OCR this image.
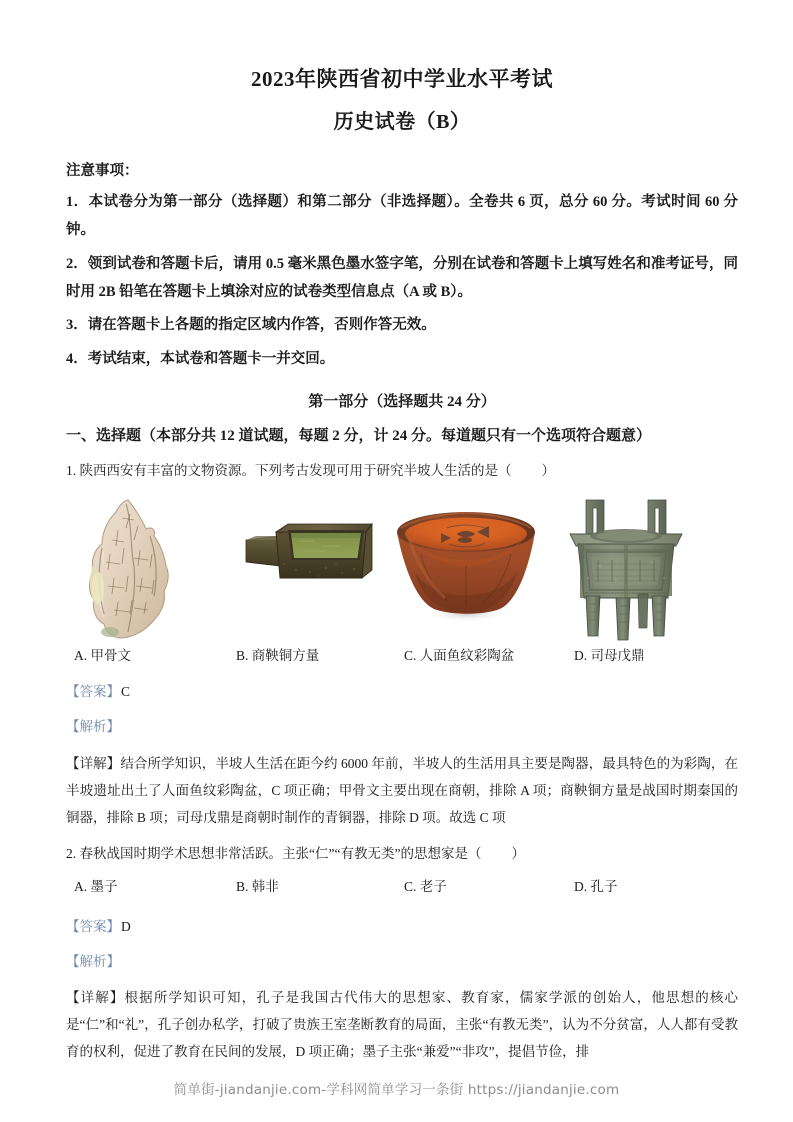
2023年陕西省初中学业水平考试
历史试卷（B）
注意事项：
1．本试卷分为第一部分（选择题）和第二部分（非选择题）。全卷共 6 页，总分 60 分。考试时间 60 分钟。
2．领到试卷和答题卡后，请用 0.5 毫米黑色墨水签字笔，分别在试卷和答题卡上填写姓名和准考证号，同时用 2B 铅笔在答题卡上填涂对应的试卷类型信息点（A 或 B）。
3．请在答题卡上各题的指定区域内作答，否则作答无效。
4．考试结束，本试卷和答题卡一并交回。
第一部分（选择题共 24 分）
一、选择题（本部分共 12 道试题，每题 2 分，计 24 分。每道题只有一个选项符合题意）
1. 陕西西安有丰富的文物资源。下列考古发现可用于研究半坡人生活的是（ ）
A. 甲骨文	B. 商鞅铜方量	C. 人面鱼纹彩陶盆	D. 司母戊鼎
【答案】C
【解析】
【详解】结合所学知识，半坡人生活在距今约 6000 年前，半坡人的生活用具主要是陶器，最具特色的为彩陶，在半坡遗址出土了人面鱼纹彩陶盆，C 项正确；甲骨文主要出现在商朝，排除 A 项；商鞅铜方量是战国时期秦国的铜器，排除 B 项；司母戊鼎是商朝时制作的青铜器，排除 D 项。故选 C 项
2. 春秋战国时期学术思想非常活跃。主张“仁”“有教无类”的思想家是（ ）
A. 墨子	B. 韩非	C. 老子	D. 孔子
【答案】D
【解析】
【详解】根据所学知识可知，孔子是我国古代伟大的思想家、教育家，儒家学派的创始人，他思想的核心是“仁”和“礼”，孔子创办私学，打破了贵族王室垄断教育的局面，主张“有教无类”，认为不分贫富，人人都有受教育的权利，促进了教育在民间的发展，D 项正确；墨子主张“兼爱”“非攻”，提倡节俭，排
简单街-jiandanjie.com-学科网简单学习一条街 https://jiandanjie.com
